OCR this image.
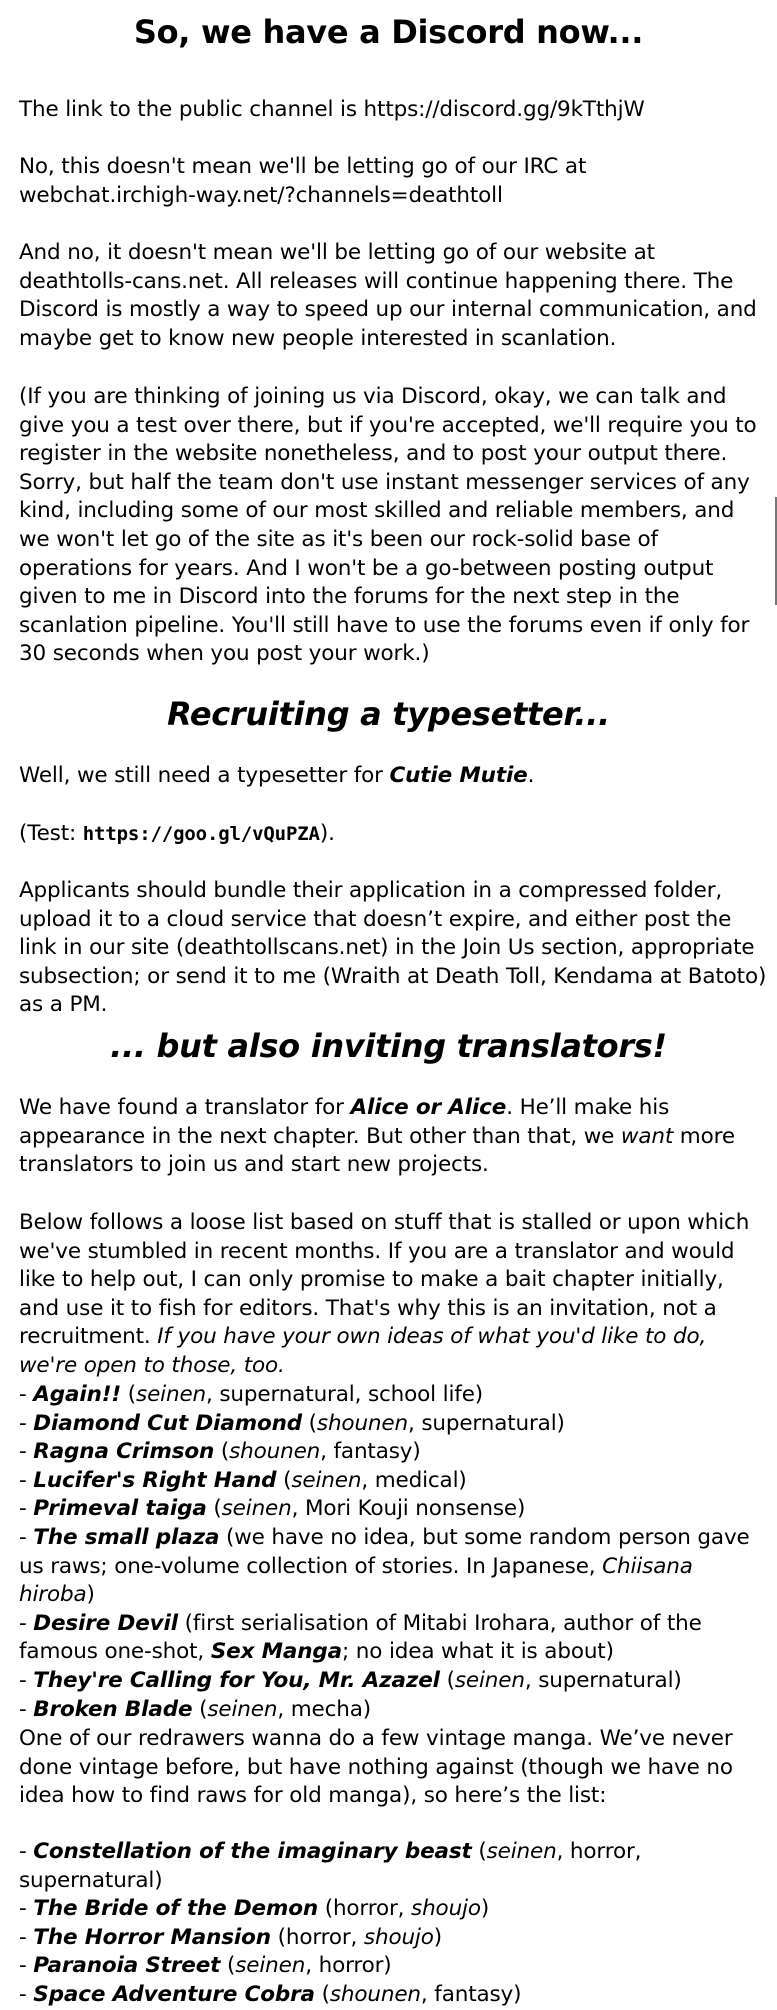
So, we have a Discord now...

The link to the public channel is https://discord.gg/9kTthjW

No, this doesn't mean we'll be letting go of our IRC at webchat.irchigh-way.net/?channels=deathtoll

And no, it doesn't mean we'll be letting go of our website at deathtolls-cans.net. All releases will continue happening there. The Discord is mostly a way to speed up our internal communication, and maybe get to know new people interested in scanlation.

(If you are thinking of joining us via Discord, okay, we can talk and give you a test over there, but if you're accepted, we'll require you to register in the website nonetheless, and to post your output there. Sorry, but half the team don't use instant messenger services of any kind, including some of our most skilled and reliable members, and we won't let go of the site as it's been our rock-solid base of operations for years. And I won't be a go-between posting output given to me in Discord into the forums for the next step in the scanlation pipeline. You'll still have to use the forums even if only for 30 seconds when you post your work.)

Recruiting a typesetter...

Well, we still need a typesetter for Cutie Mutie.

(Test: https://goo.gl/vQuPZA).

Applicants should bundle their application in a compressed folder, upload it to a cloud service that doesn’t expire, and either post the link in our site (deathtollscans.net) in the Join Us section, appropriate subsection; or send it to me (Wraith at Death Toll, Kendama at Batoto) as a PM.

... but also inviting translators!

We have found a translator for Alice or Alice. He’ll make his appearance in the next chapter. But other than that, we want more translators to join us and start new projects.

Below follows a loose list based on stuff that is stalled or upon which we've stumbled in recent months. If you are a translator and would like to help out, I can only promise to make a bait chapter initially, and use it to fish for editors. That's why this is an invitation, not a recruitment. If you have your own ideas of what you'd like to do, we're open to those, too.

- Again!! (seinen, supernatural, school life)
- Diamond Cut Diamond (shounen, supernatural)
- Ragna Crimson (shounen, fantasy)
- Lucifer's Right Hand (seinen, medical)
- Primeval taiga (seinen, Mori Kouji nonsense)
- The small plaza (we have no idea, but some random person gave us raws; one-volume collection of stories. In Japanese, Chiisana hiroba)
- Desire Devil (first serialisation of Mitabi Irohara, author of the famous one-shot, Sex Manga; no idea what it is about)
- They're Calling for You, Mr. Azazel (seinen, supernatural)
- Broken Blade (seinen, mecha)

One of our redrawers wanna do a few vintage manga. We’ve never done vintage before, but have nothing against (though we have no idea how to find raws for old manga), so here’s the list:

- Constellation of the imaginary beast (seinen, horror, supernatural)
- The Bride of the Demon (horror, shoujo)
- The Horror Mansion (horror, shoujo)
- Paranoia Street (seinen, horror)
- Space Adventure Cobra (shounen, fantasy)
